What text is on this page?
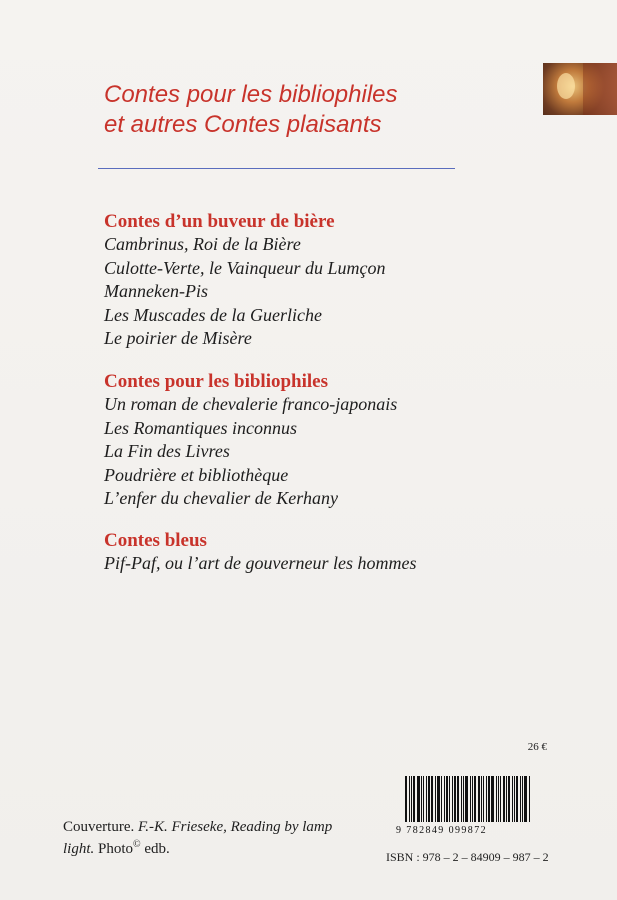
Contes pour les bibliophiles
et autres Contes plaisants

Contes d’un buveur de bière

Cambrinus, Roi de la Bière
Culotte-Verte, le Vainqueur du Lumçon
Manneken-Pis
Les Muscades de la Guerliche
Le poirier de Misère

Contes pour les bibliophiles

Un roman de chevalerie franco-japonais
Les Romantiques inconnus
La Fin des Livres
Poudrière et bibliothèque
L’enfer du chevalier de Kerhany

Contes bleus

Pif-Paf, ou l’art de gouverneur les hommes
26 €
9 782849 099872
ISBN : 978 – 2 – 84909 – 987 – 2
Couverture. F.-K. Frieseke, Reading by lamp light. Photo© edb.
